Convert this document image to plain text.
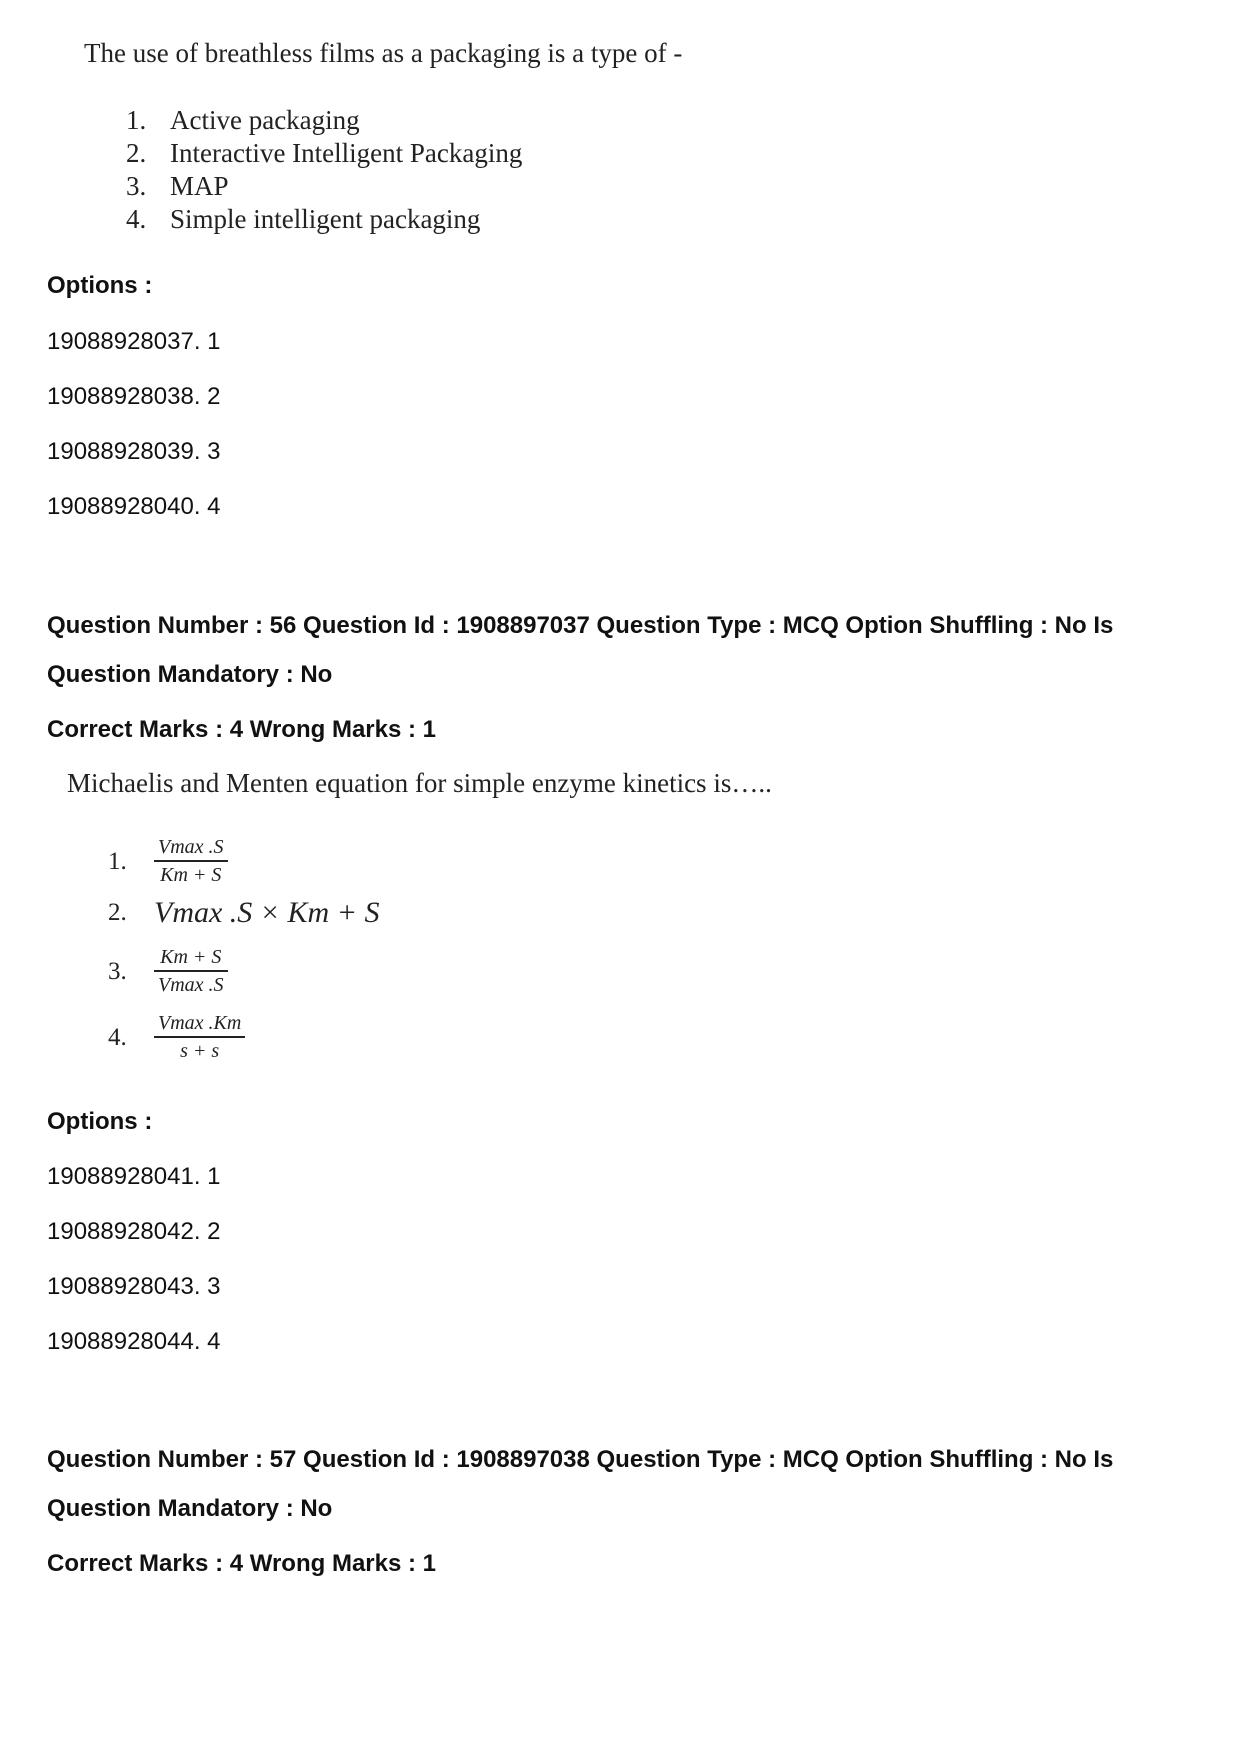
The use of breathless films as a packaging is a type of -
1. Active packaging
2. Interactive Intelligent Packaging
3. MAP
4. Simple intelligent packaging
Options :
19088928037. 1
19088928038. 2
19088928039. 3
19088928040. 4
Question Number : 56 Question Id : 1908897037 Question Type : MCQ Option Shuffling : No Is
Question Mandatory : No
Correct Marks : 4 Wrong Marks : 1
Michaelis and Menten equation for simple enzyme kinetics is…..
1.	$\frac{Vmax .S}{Km + S}$
2. Vmax .S × Km + S
3.	$\frac{Km + S}{Vmax .S}$
4.	$\frac{Vmax .Km}{s + s}$
Options :
19088928041. 1
19088928042. 2
19088928043. 3
19088928044. 4
Question Number : 57 Question Id : 1908897038 Question Type : MCQ Option Shuffling : No Is
Question Mandatory : No
Correct Marks : 4 Wrong Marks : 1
